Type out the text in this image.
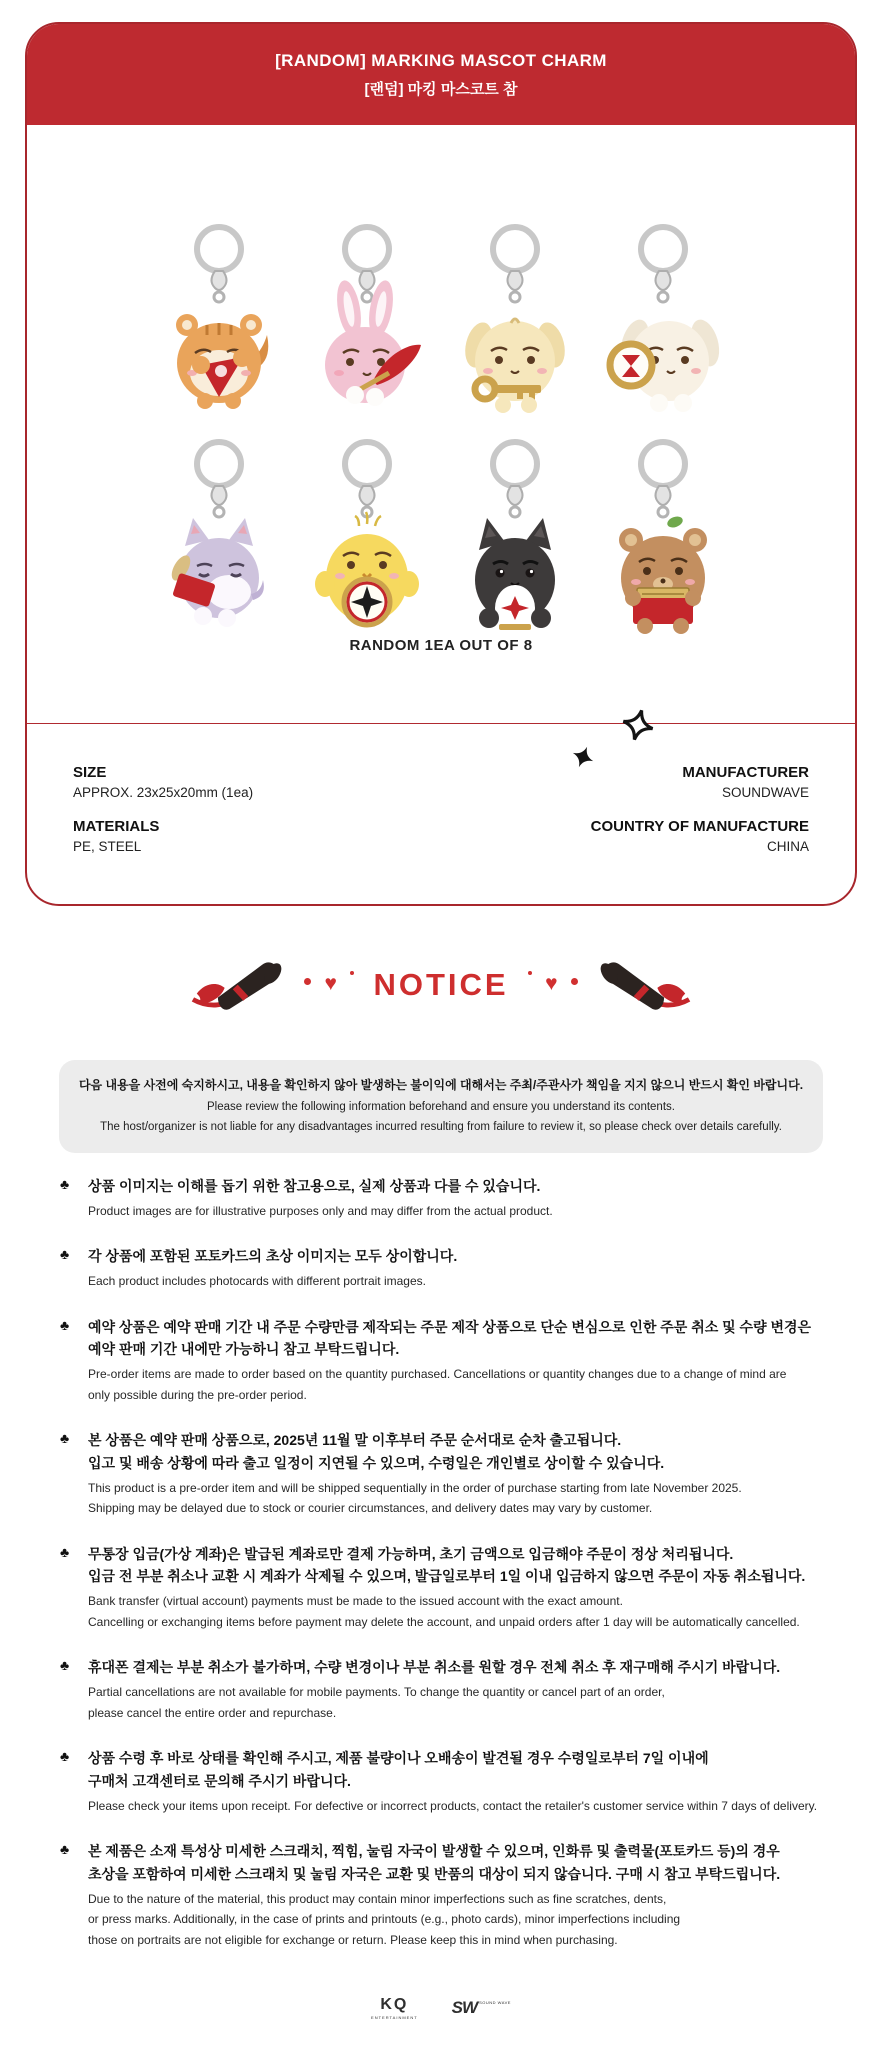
[RANDOM] MARKING MASCOT CHARM
[랜덤] 마킹 마스코트 참
RANDOM 1EA OUT OF 8
SIZE
APPROX. 23x25x20mm (1ea)
MATERIALS
PE, STEEL
MANUFACTURER
SOUNDWAVE
COUNTRY OF MANUFACTURE
CHINA
♥ NOTICE ♥
다음 내용을 사전에 숙지하시고, 내용을 확인하지 않아 발생하는 불이익에 대해서는 주최/주관사가 책임을 지지 않으니 반드시 확인 바랍니다.
Please review the following information beforehand and ensure you understand its contents.
The host/organizer is not liable for any disadvantages incurred resulting from failure to review it, so please check over details carefully.
♣	상품 이미지는 이해를 돕기 위한 참고용으로, 실제 상품과 다를 수 있습니다.
Product images are for illustrative purposes only and may differ from the actual product.
♣	각 상품에 포함된 포토카드의 초상 이미지는 모두 상이합니다.
Each product includes photocards with different portrait images.
♣	예약 상품은 예약 판매 기간 내 주문 수량만큼 제작되는 주문 제작 상품으로 단순 변심으로 인한 주문 취소 및 수량 변경은
예약 판매 기간 내에만 가능하니 참고 부탁드립니다.
Pre-order items are made to order based on the quantity purchased. Cancellations or quantity changes due to a change of mind are
only possible during the pre-order period.
♣	본 상품은 예약 판매 상품으로, 2025년 11월 말 이후부터 주문 순서대로 순차 출고됩니다.
입고 및 배송 상황에 따라 출고 일정이 지연될 수 있으며, 수령일은 개인별로 상이할 수 있습니다.
This product is a pre-order item and will be shipped sequentially in the order of purchase starting from late November 2025.
Shipping may be delayed due to stock or courier circumstances, and delivery dates may vary by customer.
♣	무통장 입금(가상 계좌)은 발급된 계좌로만 결제 가능하며, 초기 금액으로 입금해야 주문이 정상 처리됩니다.
입금 전 부분 취소나 교환 시 계좌가 삭제될 수 있으며, 발급일로부터 1일 이내 입금하지 않으면 주문이 자동 취소됩니다.
Bank transfer (virtual account) payments must be made to the issued account with the exact amount.
Cancelling or exchanging items before payment may delete the account, and unpaid orders after 1 day will be automatically cancelled.
♣	휴대폰 결제는 부분 취소가 불가하며, 수량 변경이나 부분 취소를 원할 경우 전체 취소 후 재구매해 주시기 바랍니다.
Partial cancellations are not available for mobile payments. To change the quantity or cancel part of an order,
please cancel the entire order and repurchase.
♣	상품 수령 후 바로 상태를 확인해 주시고, 제품 불량이나 오배송이 발견될 경우 수령일로부터 7일 이내에
구매처 고객센터로 문의해 주시기 바랍니다.
Please check your items upon receipt. For defective or incorrect products, contact the retailer's customer service within 7 days of delivery.
♣	본 제품은 소재 특성상 미세한 스크래치, 찍힘, 눌림 자국이 발생할 수 있으며, 인화류 및 출력물(포토카드 등)의 경우
초상을 포함하여 미세한 스크래치 및 눌림 자국은 교환 및 반품의 대상이 되지 않습니다. 구매 시 참고 부탁드립니다.
Due to the nature of the material, this product may contain minor imperfections such as fine scratches, dents,
or press marks. Additionally, in the case of prints and printouts (e.g., photo cards), minor imperfections including
those on portraits are not eligible for exchange or return. Please keep this in mind when purchasing.
KQ
ENTERTAINMENT
SW SOUND WAVE
